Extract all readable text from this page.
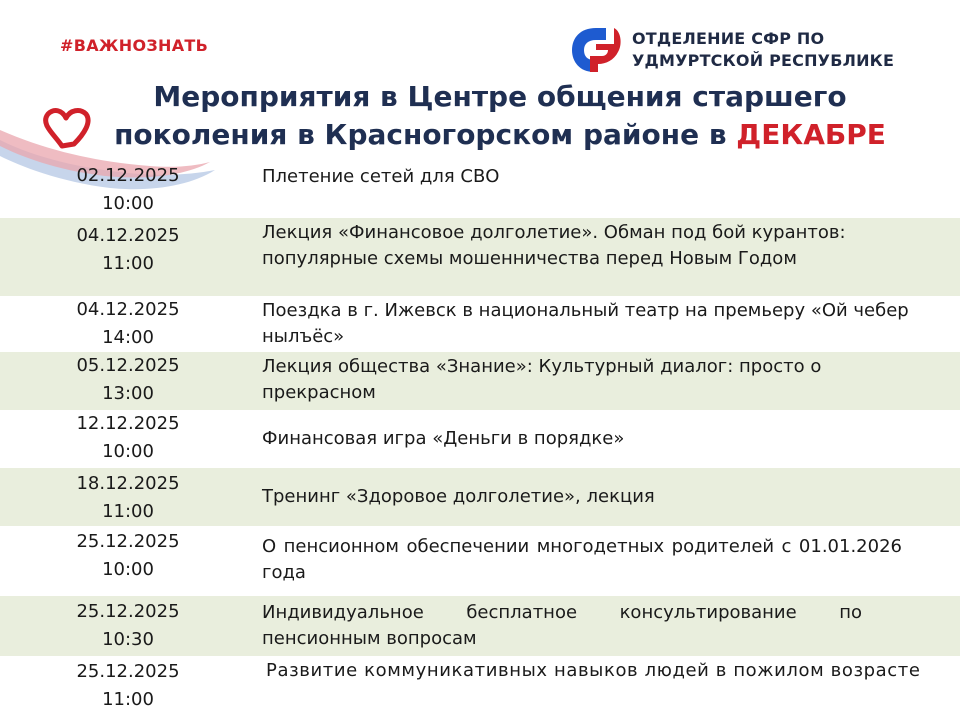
#ВАЖНОЗНАТЬ	ОТДЕЛЕНИЕ СФР ПО
УДМУРТСКОЙ РЕСПУБЛИКЕ
Мероприятия в Центре общения старшего
поколения в Красногорском районе в ДЕКАБРЕ
02.12.2025
10:00
Плетение сетей для СВО
04.12.2025
11:00
Лекция «Финансовое долголетие». Обман под бой курантов: популярные схемы мошенничества перед Новым Годом
04.12.2025
14:00
Поездка в г. Ижевск в национальный театр на премьеру «Ой чебер нылъёс»
05.12.2025
13:00
Лекция общества «Знание»: Культурный диалог: просто о прекрасном
12.12.2025
10:00
Финансовая игра «Деньги в порядке»
18.12.2025
11:00
Тренинг «Здоровое долголетие», лекция
25.12.2025
10:00
О пенсионном обеспечении многодетных родителей с 01.01.2026 года
25.12.2025
10:30
Индивидуальное бесплатное консультирование по пенсионным вопросам
25.12.2025
11:00
Развитие коммуникативных навыков людей в пожилом возрасте
